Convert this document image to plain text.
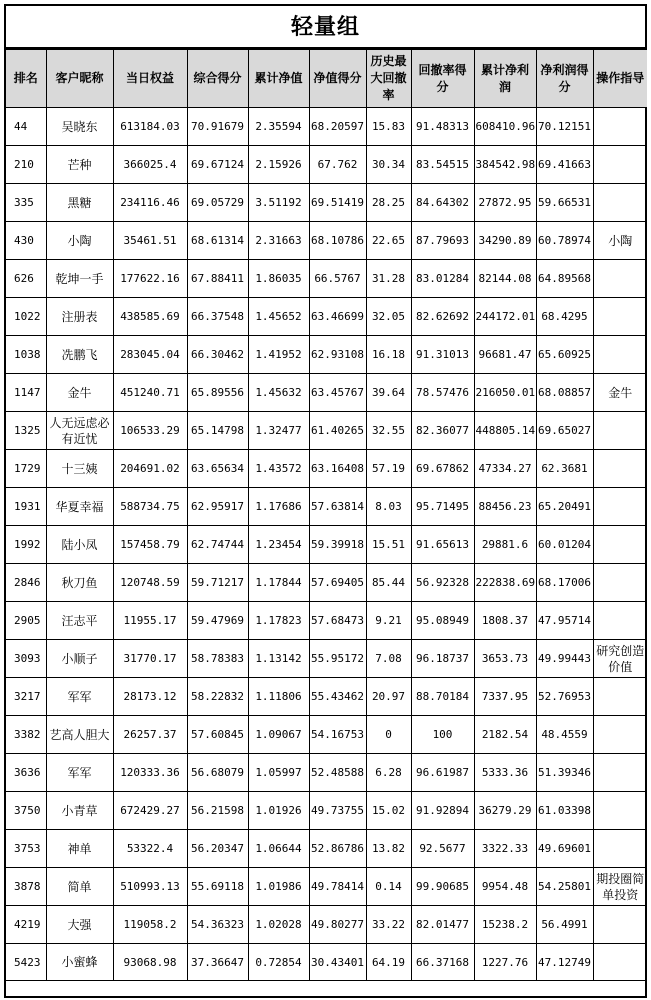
轻量组
排名	客户昵称	当日权益	综合得分	累计净值	净值得分	历史最大回撤率	回撤率得分	累计净利润	净利润得分	操作指导
44	吴晓东	613184.03	70.91679	2.35594	68.20597	15.83	91.48313	608410.96	70.12151	
210	芒种	366025.4	69.67124	2.15926	67.762	30.34	83.54515	384542.98	69.41663	
335	黑糖	234116.46	69.05729	3.51192	69.51419	28.25	84.64302	27872.95	59.66531	
430	小陶	35461.51	68.61314	2.31663	68.10786	22.65	87.79693	34290.89	60.78974	小陶
626	乾坤一手	177622.16	67.88411	1.86035	66.5767	31.28	83.01284	82144.08	64.89568	
1022	注册表	438585.69	66.37548	1.45652	63.46699	32.05	82.62692	244172.01	68.4295	
1038	冼鹏飞	283045.04	66.30462	1.41952	62.93108	16.18	91.31013	96681.47	65.60925	
1147	金牛	451240.71	65.89556	1.45632	63.45767	39.64	78.57476	216050.01	68.08857	金牛
1325	人无远虑必有近忧	106533.29	65.14798	1.32477	61.40265	32.55	82.36077	448805.14	69.65027	
1729	十三姨	204691.02	63.65634	1.43572	63.16408	57.19	69.67862	47334.27	62.3681	
1931	华夏幸福	588734.75	62.95917	1.17686	57.63814	8.03	95.71495	88456.23	65.20491	
1992	陆小凤	157458.79	62.74744	1.23454	59.39918	15.51	91.65613	29881.6	60.01204	
2846	秋刀鱼	120748.59	59.71217	1.17844	57.69405	85.44	56.92328	222838.69	68.17006	
2905	汪志平	11955.17	59.47969	1.17823	57.68473	9.21	95.08949	1808.37	47.95714	
3093	小顺子	31770.17	58.78383	1.13142	55.95172	7.08	96.18737	3653.73	49.99443	研究创造价值
3217	军军	28173.12	58.22832	1.11806	55.43462	20.97	88.70184	7337.95	52.76953	
3382	艺高人胆大	26257.37	57.60845	1.09067	54.16753	0	100	2182.54	48.4559	
3636	军军	120333.36	56.68079	1.05997	52.48588	6.28	96.61987	5333.36	51.39346	
3750	小青草	672429.27	56.21598	1.01926	49.73755	15.02	91.92894	36279.29	61.03398	
3753	神单	53322.4	56.20347	1.06644	52.86786	13.82	92.5677	3322.33	49.69601	
3878	简单	510993.13	55.69118	1.01986	49.78414	0.14	99.90685	9954.48	54.25801	期投圈简单投资
4219	大强	119058.2	54.36323	1.02028	49.80277	33.22	82.01477	15238.2	56.4991	
5423	小蜜蜂	93068.98	37.36647	0.72854	30.43401	64.19	66.37168	1227.76	47.12749	
